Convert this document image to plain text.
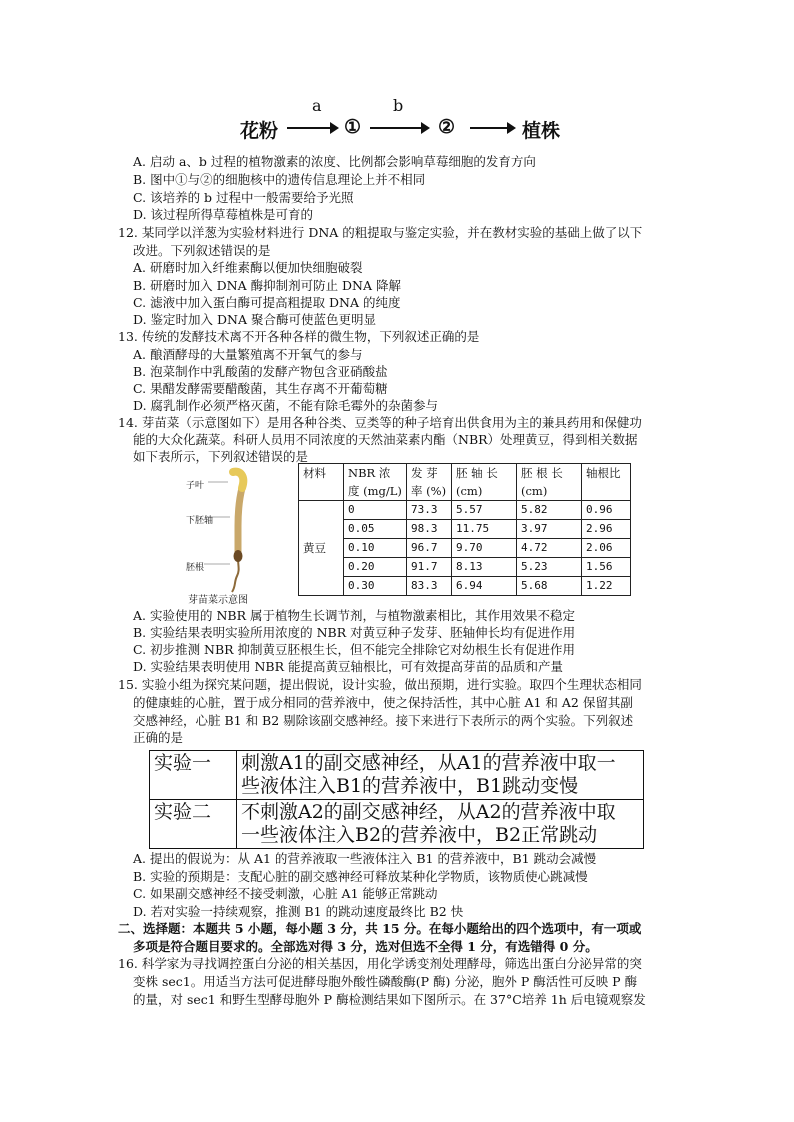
a	b
花粉	①	②	植株
A. 启动 a、b 过程的植物激素的浓度、比例都会影响草莓细胞的发育方向
B. 图中①与②的细胞核中的遗传信息理论上并不相同
C. 该培养的 b 过程中一般需要给予光照
D. 该过程所得草莓植株是可育的
12. 某同学以洋葱为实验材料进行 DNA 的粗提取与鉴定实验，并在教材实验的基础上做了以下
改进。下列叙述错误的是
A. 研磨时加入纤维素酶以便加快细胞破裂
B. 研磨时加入 DNA 酶抑制剂可防止 DNA 降解
C. 滤液中加入蛋白酶可提高粗提取 DNA 的纯度
D. 鉴定时加入 DNA 聚合酶可使蓝色更明显
13. 传统的发酵技术离不开各种各样的微生物，下列叙述正确的是
A. 酿酒酵母的大量繁殖离不开氧气的参与
B. 泡菜制作中乳酸菌的发酵产物包含亚硝酸盐
C. 果醋发酵需要醋酸菌，其生存离不开葡萄糖
D. 腐乳制作必须严格灭菌，不能有除毛霉外的杂菌参与
14. 芽苗菜（示意图如下）是用各种谷类、豆类等的种子培育出供食用为主的兼具药用和保健功
能的大众化蔬菜。科研人员用不同浓度的天然油菜素内酯（NBR）处理黄豆，得到相关数据
如下表所示，下列叙述错误的是
子叶
下胚轴
胚根
芽苗菜示意图
材料	NBR 浓 度 (mg/L)	发 芽率 (%)	胚 轴 长 (cm)	胚 根 长 (cm)	轴根比
黄豆	0	73.3	5.57	5.82	0.96
	0.05	98.3	11.75	3.97	2.96
	0.10	96.7	9.70	4.72	2.06
	0.20	91.7	8.13	5.23	1.56
	0.30	83.3	6.94	5.68	1.22
A. 实验使用的 NBR 属于植物生长调节剂，与植物激素相比，其作用效果不稳定
B. 实验结果表明实验所用浓度的 NBR 对黄豆种子发芽、胚轴伸长均有促进作用
C. 初步推测 NBR 抑制黄豆胚根生长，但不能完全排除它对幼根生长有促进作用
D. 实验结果表明使用 NBR 能提高黄豆轴根比，可有效提高芽苗的品质和产量
15. 实验小组为探究某问题，提出假说，设计实验，做出预期，进行实验。取四个生理状态相同
的健康蛙的心脏，置于成分相同的营养液中，使之保持活性，其中心脏 A1 和 A2 保留其副
交感神经，心脏 B1 和 B2 剔除该副交感神经。接下来进行下表所示的两个实验。下列叙述
正确的是
实验一	刺激A1的副交感神经，从A1的营养液中取一
些液体注入B1的营养液中，B1跳动变慢

实验二	不刺激A2的副交感神经，从A2的营养液中取
一些液体注入B2的营养液中，B2正常跳动
A. 提出的假说为：从 A1 的营养液取一些液体注入 B1 的营养液中，B1 跳动会减慢
B. 实验的预期是：支配心脏的副交感神经可释放某种化学物质，该物质使心跳减慢
C. 如果副交感神经不接受刺激，心脏 A1 能够正常跳动
D. 若对实验一持续观察，推测 B1 的跳动速度最终比 B2 快
二、选择题：本题共 5 小题，每小题 3 分，共 15 分。在每小题给出的四个选项中，有一项或
多项是符合题目要求的。全部选对得 3 分，选对但选不全得 1 分，有选错得 0 分。
16. 科学家为寻找调控蛋白分泌的相关基因，用化学诱变剂处理酵母，筛选出蛋白分泌异常的突
变株 sec1。用适当方法可促进酵母胞外酸性磷酸酶(P 酶) 分泌，胞外 P 酶活性可反映 P 酶
的量，对 sec1 和野生型酵母胞外 P 酶检测结果如下图所示。在 37°C培养 1h 后电镜观察发
